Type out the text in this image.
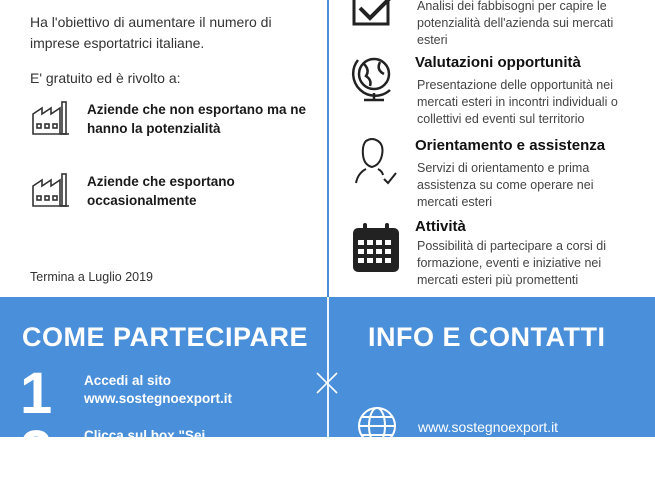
Ha l'obiettivo di aumentare il numero di imprese esportatrici italiane.
E' gratuito ed è rivolto a:
Aziende che non esportano ma ne hanno la potenzialità
Aziende che esportano occasionalmente
Termina a Luglio 2019
Analisi dei fabbisogni per capire le potenzialità dell'azienda sui mercati esteri
Valutazioni opportunità
Presentazione delle opportunità nei mercati esteri in incontri individuali o collettivi ed eventi sul territorio
Orientamento e assistenza
Servizi di orientamento e prima assistenza su come operare nei mercati esteri
Attività
Possibilità di partecipare a corsi di formazione, eventi e iniziative nei mercati esteri più promettenti
COME PARTECIPARE INFO E CONTATTI
1 Accedi al sito
www.sostegnoexport.it
2 Clicca sul box "Sei
www.sostegnoexport.it
